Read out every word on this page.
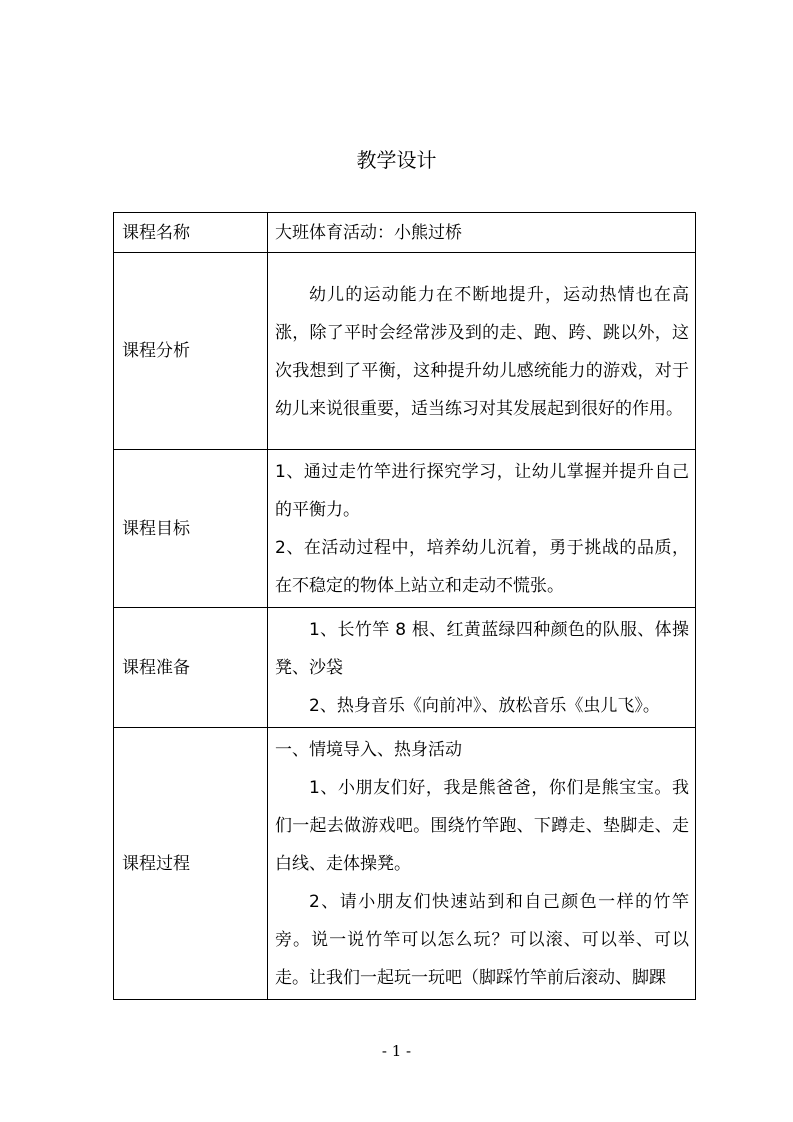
教学设计
课程名称	大班体育活动：小熊过桥

课程分析	幼儿的运动能力在不断地提升，运动热情也在高涨，除了平时会经常涉及到的走、跑、跨、跳以外，这次我想到了平衡，这种提升幼儿感统能力的游戏，对于幼儿来说很重要，适当练习对其发展起到很好的作用。

课程目标	1、通过走竹竿进行探究学习，让幼儿掌握并提升自己的平衡力。

2、在活动过程中，培养幼儿沉着，勇于挑战的品质，在不稳定的物体上站立和走动不慌张。

课程准备	1、长竹竿 8 根、红黄蓝绿四种颜色的队服、体操凳、沙袋

2、热身音乐《向前冲》、放松音乐《虫儿飞》。

课程过程	一、情境导入、热身活动

1、小朋友们好，我是熊爸爸，你们是熊宝宝。我们一起去做游戏吧。围绕竹竿跑、下蹲走、垫脚走、走白线、走体操凳。

2、请小朋友们快速站到和自己颜色一样的竹竿旁。说一说竹竿可以怎么玩？可以滚、可以举、可以走。让我们一起玩一玩吧（脚踩竹竿前后滚动、脚踝

- 1 -
